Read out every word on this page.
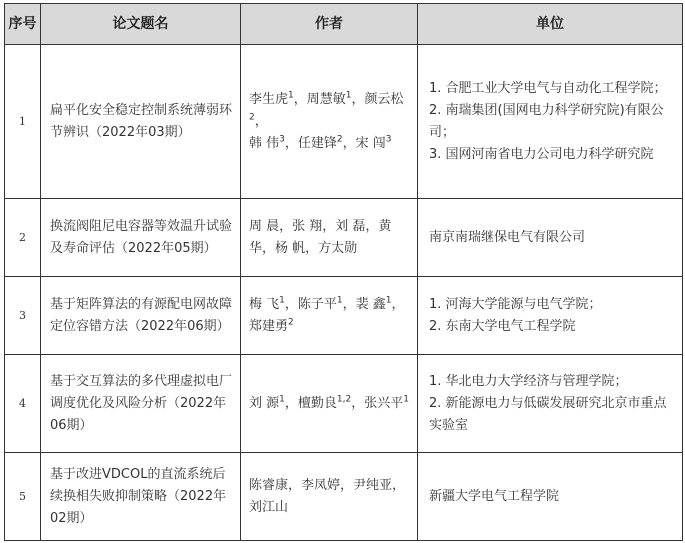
序号	论文题名	作者	单位
1	扁平化安全稳定控制系统薄弱环节辨识（2022年03期）	李生虎$^1$，周慧敏$^1$，颜云松$^2$，
韩 伟$^3$，任建锋$^2$，宋 闯$^3$	1. 合肥工业大学电气与自动化工程学院；
2. 南瑞集团(国网电力科学研究院)有限公司；
3. 国网河南省电力公司电力科学研究院

2	换流阀阻尼电容器等效温升试验及寿命评估（2022年05期）	周 晨，张 翔，刘 磊，黄 华，杨 帆，方太勋	南京南瑞继保电气有限公司

3	基于矩阵算法的有源配电网故障定位容错方法（2022年06期）	梅 飞$^1$，陈子平$^1$，裴 鑫$^1$，郑建勇$^2$	1. 河海大学能源与电气学院；
2. 东南大学电气工程学院

4	基于交互算法的多代理虚拟电厂调度优化及风险分析（2022年06期）	刘 源$^1$，檀勤良$^{1,2}$，张兴平$^1$	1. 华北电力大学经济与管理学院；
2. 新能源电力与低碳发展研究北京市重点实验室

5	基于改进VDCOL的直流系统后续换相失败抑制策略（2022年02期）	陈睿康，李凤婷，尹纯亚，刘江山	新疆大学电气工程学院
